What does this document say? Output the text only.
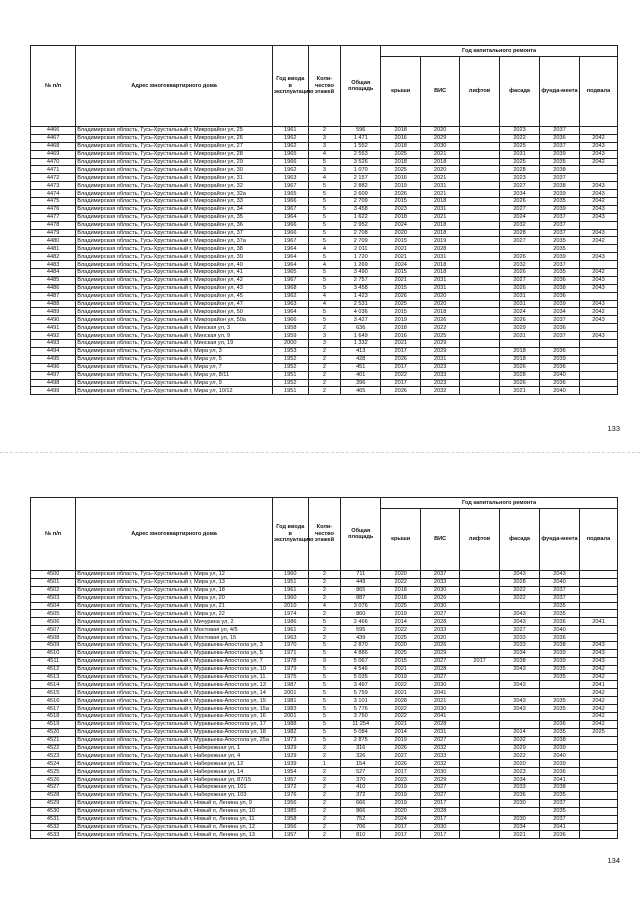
№ п/п	Адрес многоквартирного дома	Год ввода в эксплуатацию	Коли-чество этажей	Общая площадь	Год капитального ремонта					
					крыши	ВИС	лифтов	фасада	фунда-мента	подвала
4466	Владимирская область, Гусь-Хрустальный г, Микрорайон ул, 25	1961	2	596	2018	2020		2023	2037	
4467	Владимирская область, Гусь-Хрустальный г, Микрорайон ул, 26	1962	3	1 471	2016	2029		2022	2036	2042
4468	Владимирская область, Гусь-Хрустальный г, Микрорайон ул, 27	1962	3	1 552	2018	2030		2025	2037	2043
4469	Владимирская область, Гусь-Хрустальный г, Микрорайон ул, 28	1965	4	2 553	2025	2021		2031	2039	2043
4470	Владимирская область, Гусь-Хрустальный г, Микрорайон ул, 29	1966	5	3 526	2018	2018		2025	2035	2042
4471	Владимирская область, Гусь-Хрустальный г, Микрорайон ул, 30	1962	3	1 070	2025	2020		2028	2038	
4472	Владимирская область, Гусь-Хрустальный г, Микрорайон ул, 31	1963	4	2 157	2016	2021		2023	2037	
4473	Владимирская область, Гусь-Хрустальный г, Микрорайон ул, 32	1967	5	2 882	2019	2031		2027	2038	2043
4474	Владимирская область, Гусь-Хрустальный г, Микрорайон ул, 32а	1965	5	2 609	2026	2021		2034	2039	2043
4475	Владимирская область, Гусь-Хрустальный г, Микрорайон ул, 33	1966	5	2 709	2015	2018		2026	2035	2042
4476	Владимирская область, Гусь-Хрустальный г, Микрорайон ул, 34	1967	5	3 458	2023	2031		2027	2039	2043
4477	Владимирская область, Гусь-Хрустальный г, Микрорайон ул, 35	1964	5	1 622	2018	2021		2024	2037	2043
4478	Владимирская область, Гусь-Хрустальный г, Микрорайон ул, 36	1966	5	2 952	2024	2018		2032	2037	
4479	Владимирская область, Гусь-Хрустальный г, Микрорайон ул, 37	1966	5	2 708	2020	2018		2028	2037	2043
4480	Владимирская область, Гусь-Хрустальный г, Микрорайон ул, 37а	1967	5	2 709	2015	2019		2027	2035	2042
4481	Владимирская область, Гусь-Хрустальный г, Микрорайон ул, 38	1964	4	2 011	2021	2028			2035	
4482	Владимирская область, Гусь-Хрустальный г, Микрорайон ул, 39	1964	5	1 720	2021	2031		2026	2039	2043
4483	Владимирская область, Гусь-Хрустальный г, Микрорайон ул, 40	1964	4	1 269	2024	2018		2032	2037	
4484	Владимирская область, Гусь-Хрустальный г, Микрорайон ул, 41	1965	5	3 490	2015	2018		2026	2035	2042
4485	Владимирская область, Гусь-Хрустальный г, Микрорайон ул, 42	1967	5	2 757	2021	2031		2027	2036	2043
4486	Владимирская область, Гусь-Хрустальный г, Микрорайон ул, 43	1968	5	3 458	2015	2031		2026	2038	2043
4487	Владимирская область, Гусь-Хрустальный г, Микрорайон ул, 45	1962	4	1 423	2026	2020		2031	2036	
4488	Владимирская область, Гусь-Хрустальный г, Микрорайон ул, 47	1963	4	2 531	2025	2020		2031	2039	2043
4489	Владимирская область, Гусь-Хрустальный г, Микрорайон ул, 50	1964	5	4 036	2015	2018		2024	2034	2042
4490	Владимирская область, Гусь-Хрустальный г, Микрорайон ул, 50а	1966	5	3 427	2019	2026		2026	2037	2043
4491	Владимирская область, Гусь-Хрустальный г, Минская ул, 3	1958	2	636	2018	2022		2029	2036	
4492	Владимирская область, Гусь-Хрустальный г, Минская ул, 9	1959	3	1 649	2016	2025		2031	2037	2043
4493	Владимирская область, Гусь-Хрустальный г, Минская ул, 19	2000	3	1 332	2021	2029				
4494	Владимирская область, Гусь-Хрустальный г, Мира ул, 3	1953	2	413	2017	2029		2018	2036	
4495	Владимирская область, Гусь-Хрустальный г, Мира ул, 5	1952	2	428	2026	2031		2018	2039	
4496	Владимирская область, Гусь-Хрустальный г, Мира ул, 7	1952	2	451	2017	2023		2026	2036	
4497	Владимирская область, Гусь-Хрустальный г, Мира ул, 8/11	1951	2	401	2022	2033		2028	2040	
4498	Владимирская область, Гусь-Хрустальный г, Мира ул, 9	1952	2	396	2017	2023		2026	2036	
4499	Владимирская область, Гусь-Хрустальный г, Мира ул, 10/12	1951	2	465	2026	2032		2021	2040	
133
№ п/п	Адрес многоквартирного дома	Год ввода в эксплуатацию	Коли-чество этажей	Общая площадь	Год капитального ремонта					
					крыши	ВИС	лифтов	фасада	фунда-мента	подвала
4500	Владимирская область, Гусь-Хрустальный г, Мира ул, 12	1960	2	711	2020	2037		2043	2043	
4501	Владимирская область, Гусь-Хрустальный г, Мира ул, 13	1951	2	449	2022	2033		2028	2040	
4502	Владимирская область, Гусь-Хрустальный г, Мира ул, 18	1961	2	865	2018	2030		2022	2037	
4503	Владимирская область, Гусь-Хрустальный г, Мира ул, 20	1960	2	887	2018	2026		2022	2037	
4504	Владимирская область, Гусь-Хрустальный г, Мира ул, 21	2010	4	3 076	2025	2030			2035	
4505	Владимирская область, Гусь-Хрустальный г, Мира ул, 22	1974	2	860	2019	2027		2043	2035	
4506	Владимирская область, Гусь-Хрустальный г, Мичурина ул, 2	1986	5	2 466	2014	2028		2043	2036	2041
4507	Владимирская область, Гусь-Хрустальный г, Мостовая ул, 4/5	1961	2	595	2022	2033		2027	2040	
4508	Владимирская область, Гусь-Хрустальный г, Мостовая ул, 15	1963	2	439	2025	2020		2033	2036	
4509	Владимирская область, Гусь-Хрустальный г, Муравьева-Апостола ул, 3	1970	5	2 870	2020	2026		2033	2038	2043
4510	Владимирская область, Гусь-Хрустальный г, Муравьева-Апостола ул, 5	1971	5	4 886	2025	2029		2034	2039	2043
4511	Владимирская область, Гусь-Хрустальный г, Муравьева-Апостола ул, 7	1978	9	5 067	2015	2027	2017	2038	2039	2043
4512	Владимирская область, Гусь-Хрустальный г, Муравьева-Апостола ул, 10	1979	5	4 546	2021	2028		2043	2035	2042
4513	Владимирская область, Гусь-Хрустальный г, Муравьева-Апостола ул, 11	1975	5	5 035	2019	2027			2035	2042
4514	Владимирская область, Гусь-Хрустальный г, Муравьева-Апостола ул, 13	1987	5	3 497	2022	2030		2043		2041
4515	Владимирская область, Гусь-Хрустальный г, Муравьева-Апостола ул, 14	2001	5	5 759	2021	2041				2042
4516	Владимирская область, Гусь-Хрустальный г, Муравьева-Апостола ул, 15	1981	5	3 101	2028	2021		2043	2035	2042
4517	Владимирская область, Гусь-Хрустальный г, Муравьева-Апостола ул, 15а	1983	5	5 776	2022	2030		2043	2035	2042
4518	Владимирская область, Гусь-Хрустальный г, Муравьева-Апостола ул, 16	2001	5	3 760	2022	2041				2042
4519	Владимирская область, Гусь-Хрустальный г, Муравьева-Апостола ул, 17	1988	5	11 254	2021	2028			2036	2042
4520	Владимирская область, Гусь-Хрустальный г, Муравьева-Апостола ул, 18	1982	5	5 084	2014	2031		2014	2035	2025
4521	Владимирская область, Гусь-Хрустальный г, Муравьева-Апостола ул, 25а	1973	5	2 875	2019	2027		2032	2038	
4522	Владимирская область, Гусь-Хрустальный г, Набережная ул, 1	1929	2	316	2026	2032		2029	2039	
4523	Владимирская область, Гусь-Хрустальный г, Набережная ул, 4	1929	2	326	2027	2033		2022	2040	
4524	Владимирская область, Гусь-Хрустальный г, Набережная ул, 12	1939	1	154	2026	2032		2020	2039	
4525	Владимирская область, Гусь-Хрустальный г, Набережная ул, 14	1954	2	527	2017	2030		2023	2036	
4526	Владимирская область, Гусь-Хрустальный г, Набережная ул, 87/15	1957	2	370	2023	2029		2034	2041	
4527	Владимирская область, Гусь-Хрустальный г, Набережная ул, 101	1972	2	410	2019	2027		2033	2038	
4528	Владимирская область, Гусь-Хрустальный г, Набережная ул, 103	1976	2	372	2019	2027		2036	2035	
4529	Владимирская область, Гусь-Хрустальный г, Новый п, Ленина ул, 9	1956	2	666	2019	2017		2030	2037	
4530	Владимирская область, Гусь-Хрустальный г, Новый п, Ленина ул, 10	1985	2	866	2020	2028			2035	
4531	Владимирская область, Гусь-Хрустальный г, Новый п, Ленина ул, 11	1958	2	752	2024	2017		2030	2037	
4532	Владимирская область, Гусь-Хрустальный г, Новый п, Ленина ул, 12	1956	2	706	2017	2030		2034	2041	
4533	Владимирская область, Гусь-Хрустальный г, Новый п, Ленина ул, 13	1957	2	810	2017	2017		2021	2036	
134
